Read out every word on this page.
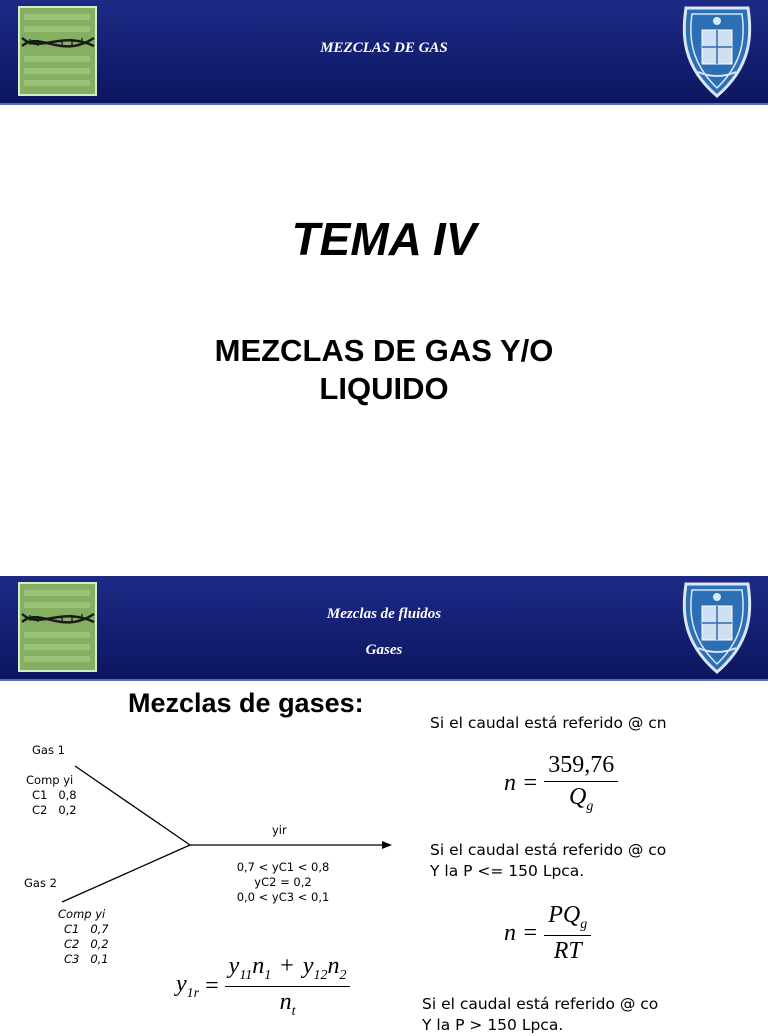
MEZCLAS DE GAS
TEMA IV
MEZCLAS DE GAS Y/O
LIQUIDO
Mezclas de fluidos
Gases
Mezclas de gases:
Gas 1
Comp yi
C1   0,8
C2   0,2
Gas 2
Comp yi
C1   0,7
C2   0,2
C3   0,1
yir
0,7 < yC1 < 0,8
yC2 = 0,2
0,0 < yC3 < 0,1
$y_{1r} = \frac{y_{11}n_1 + y_{12}n_2}{n_t}$
Si el caudal está referido @ cn
$n = \frac{359,76}{Q_g}$
Si el caudal está referido @ co
Y la P <= 150 Lpca.
$n = \frac{PQ_g}{RT}$
Si el caudal está referido @ co
Y la P > 150 Lpca.
